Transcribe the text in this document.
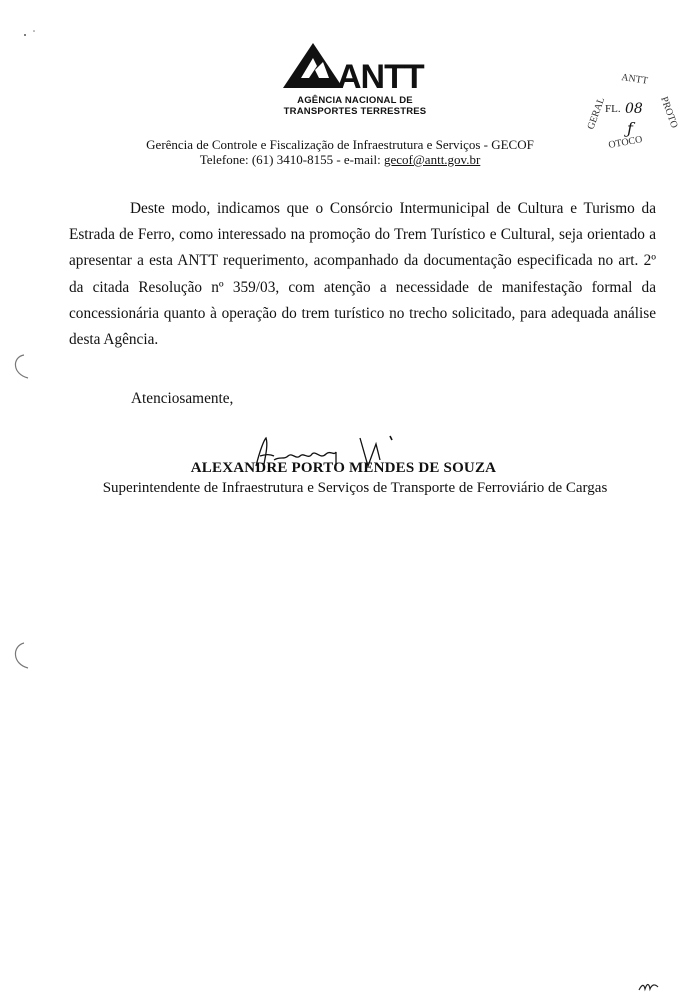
ANTT
AGÊNCIA NACIONAL DE
TRANSPORTES TERRESTRES
Gerência de Controle e Fiscalização de Infraestrutura e Serviços - GECOF
Telefone: (61) 3410-8155 - e-mail: gecof@antt.gov.br
ANTT
GERAL	PROTO
OTOCO
FL. 08
ƒ

Deste modo, indicamos que o Consórcio Intermunicipal de Cultura e Turismo da Estrada de Ferro, como interessado na promoção do Trem Turístico e Cultural, seja orientado a apresentar a esta ANTT requerimento, acompanhado da documentação especificada no art. 2º da citada Resolução nº 359/03, com atenção a necessidade de manifestação formal da concessionária quanto à operação do trem turístico no trecho solicitado, para adequada análise desta Agência.

Atenciosamente,
ALEXANDRE PORTO MENDES DE SOUZA
Superintendente de Infraestrutura e Serviços de Transporte de Ferroviário de Cargas
